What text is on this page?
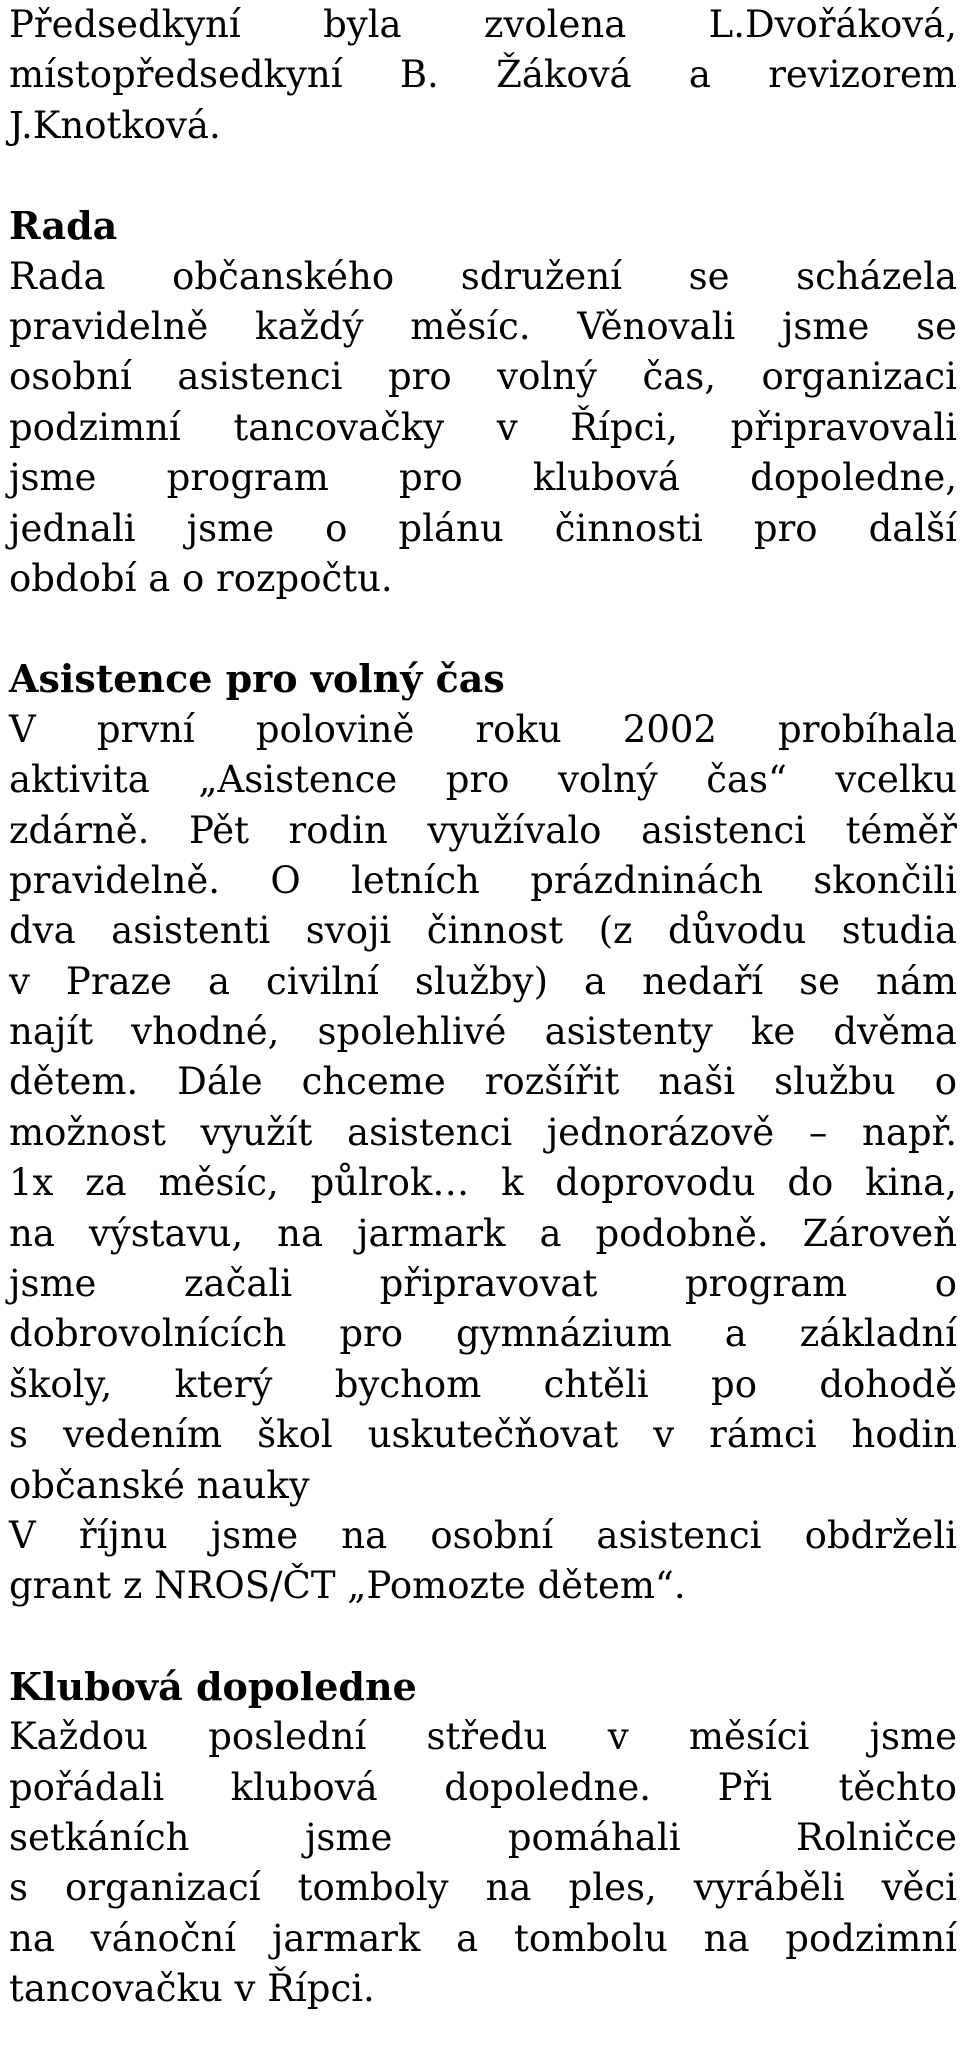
Předsedkyní byla zvolena L.Dvořáková,
místopředsedkyní B. Žáková a revizorem
J.Knotková.
Rada
Rada občanského sdružení se scházela
pravidelně každý měsíc. Věnovali jsme se
osobní asistenci pro volný čas, organizaci
podzimní tancovačky v Řípci, připravovali
jsme program pro klubová dopoledne,
jednali jsme o plánu činnosti pro další
období a o rozpočtu.
Asistence pro volný čas
V první polovině roku 2002 probíhala
aktivita „Asistence pro volný čas“ vcelku
zdárně. Pět rodin využívalo asistenci téměř
pravidelně. O letních prázdninách skončili
dva asistenti svoji činnost (z důvodu studia
v Praze a civilní služby) a nedaří se nám
najít vhodné, spolehlivé asistenty ke dvěma
dětem. Dále chceme rozšířit naši službu o
možnost využít asistenci jednorázově – např.
1x za měsíc, půlrok… k doprovodu do kina,
na výstavu, na jarmark a podobně. Zároveň
jsme začali připravovat program o
dobrovolnících pro gymnázium a základní
školy, který bychom chtěli po dohodě
s vedením škol uskutečňovat v rámci hodin
občanské nauky
V říjnu jsme na osobní asistenci obdrželi
grant z NROS/ČT „Pomozte dětem“.
Klubová dopoledne
Každou poslední středu v měsíci jsme
pořádali klubová dopoledne. Při těchto
setkáních jsme pomáhali Rolničce
s organizací tomboly na ples, vyráběli věci
na vánoční jarmark a tombolu na podzimní
tancovačku v Řípci.
